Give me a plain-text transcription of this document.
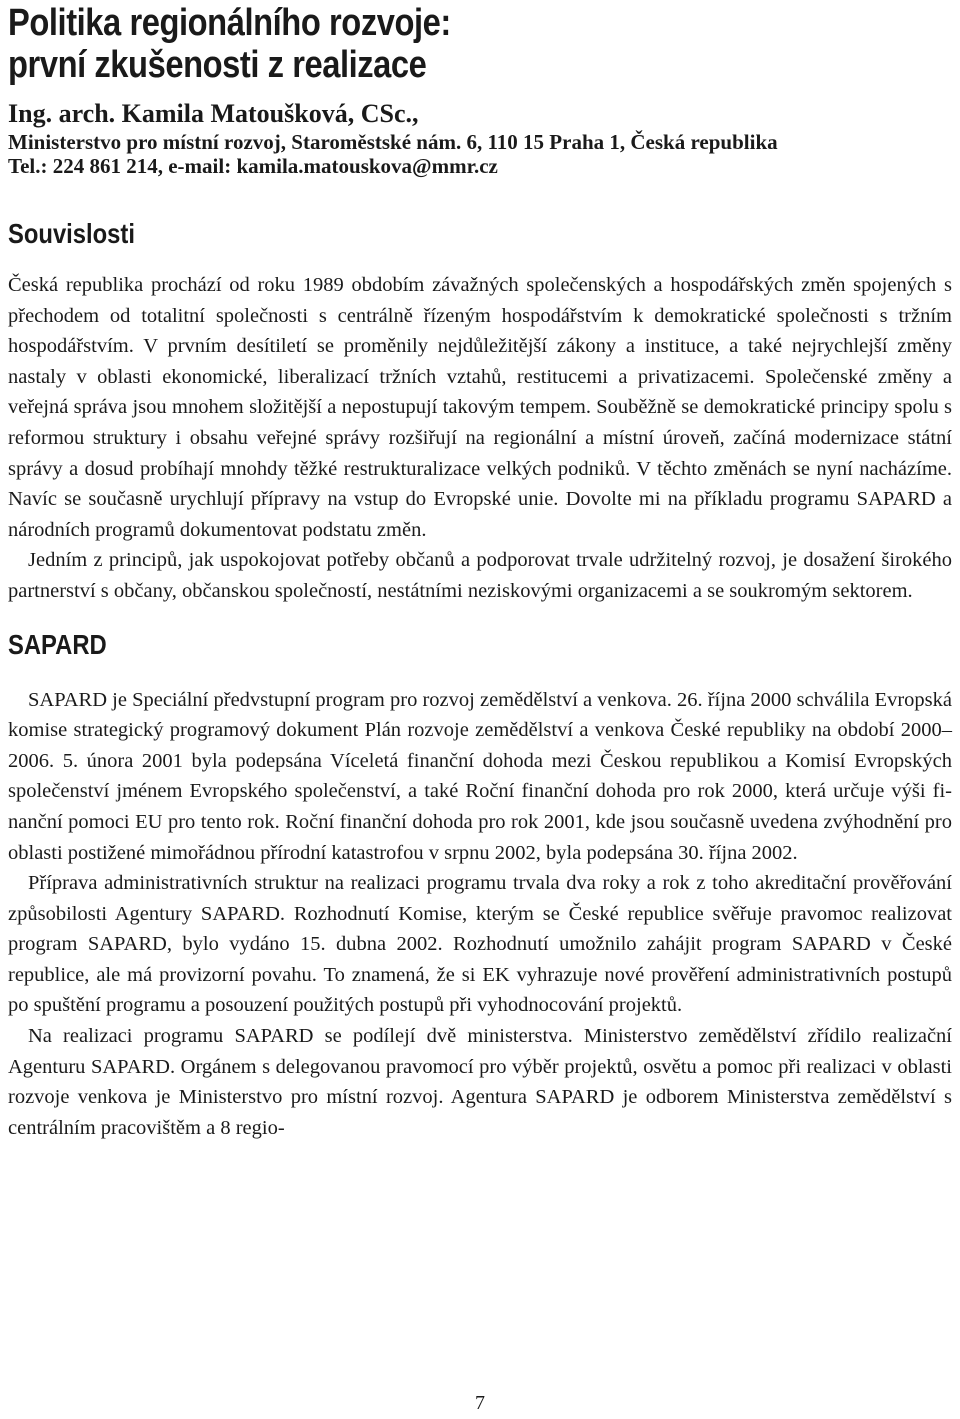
Politika regionálního rozvoje:
první zkušenosti z realizace
Ing. arch. Kamila Matoušková, CSc.,
Ministerstvo pro místní rozvoj, Staroměstské nám. 6, 110 15 Praha 1, Česká republika
Tel.: 224 861 214, e-mail: kamila.matouskova@mmr.cz
Souvislosti

Česká republika prochází od roku 1989 obdobím závažných společenských a hospodářských změn spojených s přechodem od totalitní společnosti s centrálně řízeným hospodářstvím k demokratické společnosti s tržním hospodářstvím. V prvním desítiletí se proměnily nejdůležitější zákony a instituce, a také nejrychlejší změny nastaly v oblasti ekonomické, liberalizací tržních vztahů, restitucemi a privatizacemi. Společenské změny a veřejná správa jsou mnohem složitější a nepostupují takovým tempem. Souběžně se demokratické principy spolu s reformou struktury i obsahu veřejné správy rozšiřují na regionální a místní úroveň, začíná modernizace státní správy a dosud probíhají mnohdy těžké restrukturalizace velkých podniků. V těchto změnách se nyní nacházíme. Navíc se současně urychlují přípravy na vstup do Evropské unie. Dovolte mi na příkladu programu SAPARD a národních programů dokumentovat podstatu změn.

Jedním z principů, jak uspokojovat potřeby občanů a podporovat trvale udržitelný rozvoj, je dosažení širokého partnerství s občany, občanskou společností, nestátními neziskovými organizacemi a se soukromým sektorem.

SAPARD

SAPARD je Speciální předvstupní program pro rozvoj zemědělství a venkova. 26. října 2000 schválila Evropská komise strategický programový dokument Plán rozvoje zemědělství a venkova České republiky na období 2000–2006. 5. února 2001 byla podepsána Víceletá finanční dohoda mezi Českou republikou a Komisí Evropských společenství jménem Evropského společenství, a také Roční finanční dohoda pro rok 2000, která určuje výši finanční pomoci EU pro tento rok. Roční finanční dohoda pro rok 2001, kde jsou současně uvedena zvýhodnění pro oblasti postižené mimořádnou přírodní katastrofou v srpnu 2002, byla podepsána 30. října 2002.

Příprava administrativních struktur na realizaci programu trvala dva roky a rok z toho akreditační prověřování způsobilosti Agentury SAPARD. Rozhodnutí Komise, kterým se České republice svěřuje pravomoc realizovat program SAPARD, bylo vydáno 15. dubna 2002. Rozhodnutí umožnilo zahájit program SAPARD v České republice, ale má provizorní povahu. To znamená, že si EK vyhrazuje nové prověření administrativních postupů po spuštění programu a posouzení použitých postupů při vyhodnocování projektů.

Na realizaci programu SAPARD se podílejí dvě ministerstva. Ministerstvo zemědělství zřídilo realizační Agenturu SAPARD. Orgánem s delegovanou pravomocí pro výběr projektů, osvětu a pomoc při realizaci v oblasti rozvoje venkova je Ministerstvo pro místní rozvoj. Agentura SAPARD je odborem Ministerstva zemědělství s centrálním pracovištěm a 8 regio-

7
